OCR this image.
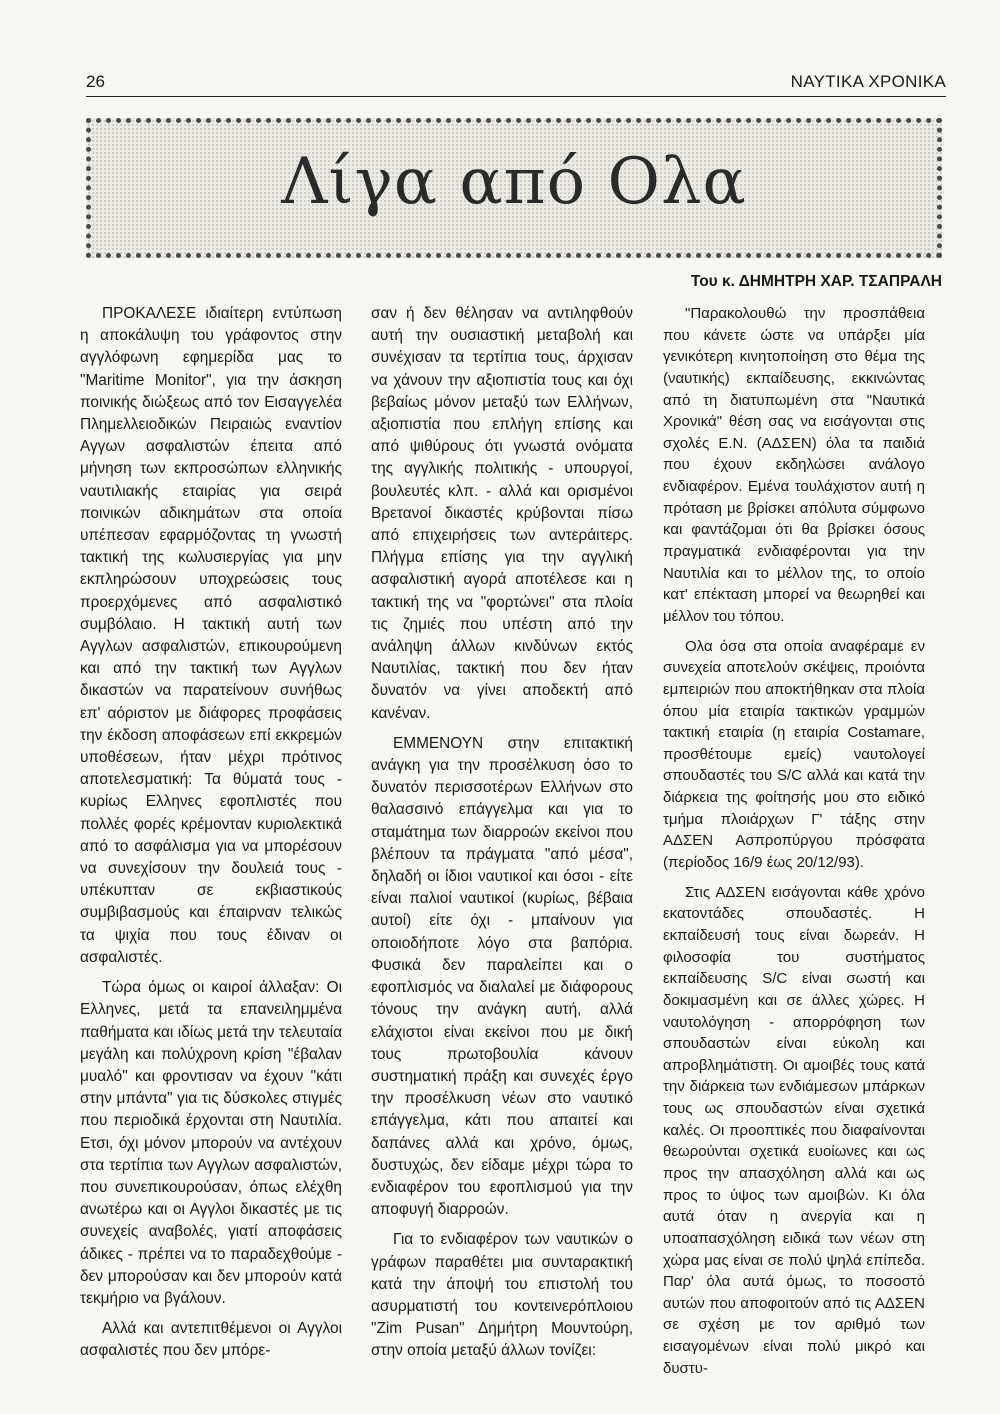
26	ΝΑΥΤΙΚΑ ΧΡΟΝΙΚΑ
Λίγα από Ολα
Του κ. ΔΗΜΗΤΡΗ ΧΑΡ. ΤΣΑΠΡΑΛΗ

ΠΡΟΚΑΛΕΣΕ ιδιαίτερη εντύπωση η αποκάλυψη του γράφοντος στην αγγλόφωνη εφημερίδα μας το "Maritime Monitor", για την άσκηση ποινικής διώξεως από τον Εισαγγελέα Πλημελλειοδικών Πειραιώς εναντίον Αγγων ασφαλιστών έπειτα από μήνηση των εκπροσώπων ελληνικής ναυτιλιακής εταιρίας για σειρά ποινικών αδικημάτων στα οποία υπέπεσαν εφαρμόζοντας τη γνωστή τακτική της κωλυσιεργίας για μην εκπληρώσουν υποχρεώσεις τους προερχόμενες από ασφαλιστικό συμβόλαιο. Η τακτική αυτή των Αγγλων ασφαλιστών, επικουρούμενη και από την τακτική των Αγγλων δικαστών να παρατείνουν συνήθως επ' αόριστον με διάφορες προφάσεις την έκδοση αποφάσεων επί εκκρεμών υποθέσεων, ήταν μέχρι πρότινος αποτελεσματική: Τα θύματά τους - κυρίως Ελληνες εφοπλιστές που πολλές φορές κρέμονταν κυριολεκτικά από το ασφάλισμα για να μπορέσουν να συνεχίσουν την δουλειά τους - υπέκυπταν σε εκβιαστικούς συμβιβασμούς και έπαιρναν τελικώς τα ψιχία που τους έδιναν οι ασφαλιστές.

Τώρα όμως οι καιροί άλλαξαν: Οι Ελληνες, μετά τα επανειλημμένα παθήματα και ιδίως μετά την τελευταία μεγάλη και πολύχρονη κρίση "έβαλαν μυαλό" και φροντισαν να έχουν "κάτι στην μπάντα" για τις δύσκολες στιγμές που περιοδικά έρχονται στη Ναυτιλία. Ετσι, όχι μόνον μπορούν να αντέχουν στα τερτίπια των Αγγλων ασφαλιστών, που συνεπικουρούσαν, όπως ελέχθη ανωτέρω και οι Αγγλοι δικαστές με τις συνεχείς αναβολές, γιατί αποφάσεις άδικες - πρέπει να το παραδεχθούμε - δεν μπορούσαν και δεν μπορούν κατά τεκμήριο να βγάλουν.

Αλλά και αντεπιτθέμενοι οι Αγγλοι ασφαλιστές που δεν μπόρε-

σαν ή δεν θέλησαν να αντιληφθούν αυτή την ουσιαστική μεταβολή και συνέχισαν τα τερτίπια τους, άρχισαν να χάνουν την αξιοπιστία τους και όχι βεβαίως μόνον μεταξύ των Ελλήνων, αξιοπιστία που επλήγη επίσης και από ψιθύρους ότι γνωστά ονόματα της αγγλικής πολιτικής - υπουργοί, βουλευτές κλπ. - αλλά και ορισμένοι Βρετανοί δικαστές κρύβονται πίσω από επιχειρήσεις των αντεράιτερς. Πλήγμα επίσης για την αγγλική ασφαλιστική αγορά αποτέλεσε και η τακτική της να "φορτώνει" στα πλοία τις ζημιές που υπέστη από την ανάληψη άλλων κινδύνων εκτός Ναυτιλίας, τακτική που δεν ήταν δυνατόν να γίνει αποδεκτή από κανέναν.

ΕΜΜΕΝΟΥΝ στην επιτακτική ανάγκη για την προσέλκυση όσο το δυνατόν περισσοτέρων Ελλήνων στο θαλασσινό επάγγελμα και για το σταμάτημα των διαρροών εκείνοι που βλέπουν τα πράγματα "από μέσα", δηλαδή οι ίδιοι ναυτικοί και όσοι - είτε είναι παλιοί ναυτικοί (κυρίως, βέβαια αυτοί) είτε όχι - μπαίνουν για οποιοδήποτε λόγο στα βαπόρια. Φυσικά δεν παραλείπει και ο εφοπλισμός να διαλαλεί με διάφορους τόνους την ανάγκη αυτή, αλλά ελάχιστοι είναι εκείνοι που με δική τους πρωτοβουλία κάνουν συστηματική πράξη και συνεχές έργο την προσέλκυση νέων στο ναυτικό επάγγελμα, κάτι που απαιτεί και δαπάνες αλλά και χρόνο, όμως, δυστυχώς, δεν είδαμε μέχρι τώρα το ενδιαφέρον του εφοπλισμού για την αποφυγή διαρροών.

Για το ενδιαφέρον των ναυτικών ο γράφων παραθέτει μια συνταρακτική κατά την άποψή του επιστολή του ασυρματιστή του κοντεινερόπλοιου "Zim Pusan" Δημήτρη Μουντούρη, στην οποία μεταξύ άλλων τονίζει:

"Παρακολουθώ την προσπάθεια που κάνετε ώστε να υπάρξει μία γενικότερη κινητοποίηση στο θέμα της (ναυτικής) εκπαίδευσης, εκκινώντας από τη διατυπωμένη στα "Ναυτικά Χρονικά" θέση σας να εισάγονται στις σχολές Ε.Ν. (ΑΔΣΕΝ) όλα τα παιδιά που έχουν εκδηλώσει ανάλογο ενδιαφέρον. Εμένα τουλάχιστον αυτή η πρόταση με βρίσκει απόλυτα σύμφωνο και φαντάζομαι ότι θα βρίσκει όσους πραγματικά ενδιαφέρονται για την Ναυτιλία και το μέλλον της, το οποίο κατ' επέκταση μπορεί να θεωρηθεί και μέλλον του τόπου.

Ολα όσα στα οποία αναφέραμε εν συνεχεία αποτελούν σκέψεις, προιόντα εμπειριών που αποκτήθηκαν στα πλοία όπου μία εταιρία τακτικών γραμμών τακτική εταιρία (η εταιρία Costamare, προσθέτουμε εμείς) ναυτολογεί σπουδαστές του S/C αλλά και κατά την διάρκεια της φοίτησής μου στο ειδικό τμήμα πλοιάρχων Γ' τάξης στην ΑΔΣΕΝ Ασπροπύργου πρόσφατα (περίοδος 16/9 έως 20/12/93).

Στις ΑΔΣΕΝ εισάγονται κάθε χρόνο εκατοντάδες σπουδαστές. Η εκπαίδευσή τους είναι δωρεάν. Η φιλοσοφία του συστήματος εκπαίδευσης S/C είναι σωστή και δοκιμασμένη και σε άλλες χώρες. Η ναυτολόγηση - απορρόφηση των σπουδαστών είναι εύκολη και απροβλημάτιστη. Οι αμοιβές τους κατά την διάρκεια των ενδιάμεσων μπάρκων τους ως σπουδαστών είναι σχετικά καλές. Οι προοπτικές που διαφαίνονται θεωρούνται σχετικά ευοίωνες και ως προς την απασχόληση αλλά και ως προς το ύψος των αμοιβών. Κι όλα αυτά όταν η ανεργία και η υποαπασχόληση ειδικά των νέων στη χώρα μας είναι σε πολύ ψηλά επίπεδα. Παρ' όλα αυτά όμως, το ποσοστό αυτών που αποφοιτούν από τις ΑΔΣΕΝ σε σχέση με τον αριθμό των εισαγομένων είναι πολύ μικρό και δυστυ-
